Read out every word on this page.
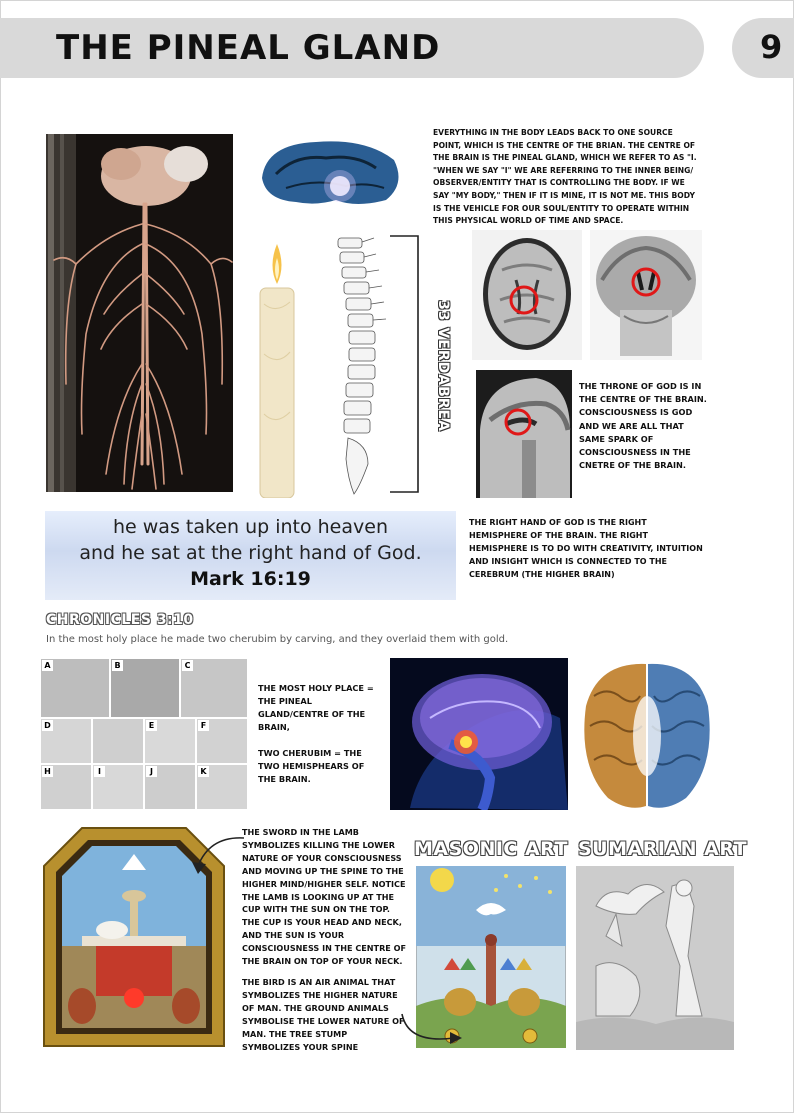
THE PINEAL GLAND	9
33 VERDABREA
EVERYTHING IN THE BODY LEADS BACK TO ONE SOURCE POINT, WHICH IS THE CENTRE OF THE BRIAN. THE CENTRE OF THE BRAIN IS THE PINEAL GLAND, WHICH WE REFER TO AS "I. "WHEN WE SAY "I" WE ARE REFERRING TO THE INNER BEING/ OBSERVER/ENTITY THAT IS CONTROLLING THE BODY. IF WE SAY "MY BODY," THEN IF IT IS MINE, IT IS NOT ME. THIS BODY IS THE VEHICLE FOR OUR SOUL/ENTITY TO OPERATE WITHIN THIS PHYSICAL WORLD OF TIME AND SPACE.
THE THRONE OF GOD IS IN THE CENTRE OF THE BRAIN. CONSCIOUSNESS IS GOD AND WE ARE ALL THAT SAME SPARK OF CONSCIOUSNESS IN THE CNETRE OF THE BRAIN.
he was taken up into heaven
and he sat at the right hand of God.
Mark 16:19
THE RIGHT HAND OF GOD IS THE RIGHT HEMISPHERE OF THE BRAIN. THE RIGHT HEMISPHERE IS TO DO WITH CREATIVITY, INTUITION AND INSIGHT WHICH IS CONNECTED TO THE CEREBRUM (THE HIGHER BRAIN)
CHRONICLES 3:10
In the most holy place he made two cherubim by carving, and they overlaid them with gold.
A	B	C
D	E	F
H	I	J	K
THE MOST HOLY PLACE = THE PINEAL GLAND/CENTRE OF THE BRAIN,
TWO CHERUBIM = THE TWO HEMISPHEARS OF THE BRAIN.
THE SWORD IN THE LAMB SYMBOLIZES KILLING THE LOWER NATURE OF YOUR CONSCIOUSNESS AND MOVING UP THE SPINE TO THE HIGHER MIND/HIGHER SELF. NOTICE THE LAMB IS LOOKING UP AT THE CUP WITH THE SUN ON THE TOP. THE CUP IS YOUR HEAD AND NECK, AND THE SUN IS YOUR CONSCIOUSNESS IN THE CENTRE OF THE BRAIN ON TOP OF YOUR NECK.
THE BIRD IS AN AIR ANIMAL THAT SYMBOLIZES THE HIGHER NATURE OF MAN. THE GROUND ANIMALS SYMBOLISE THE LOWER NATURE OF MAN. THE TREE STUMP SYMBOLIZES YOUR SPINE
MASONIC ART SUMARIAN ART
